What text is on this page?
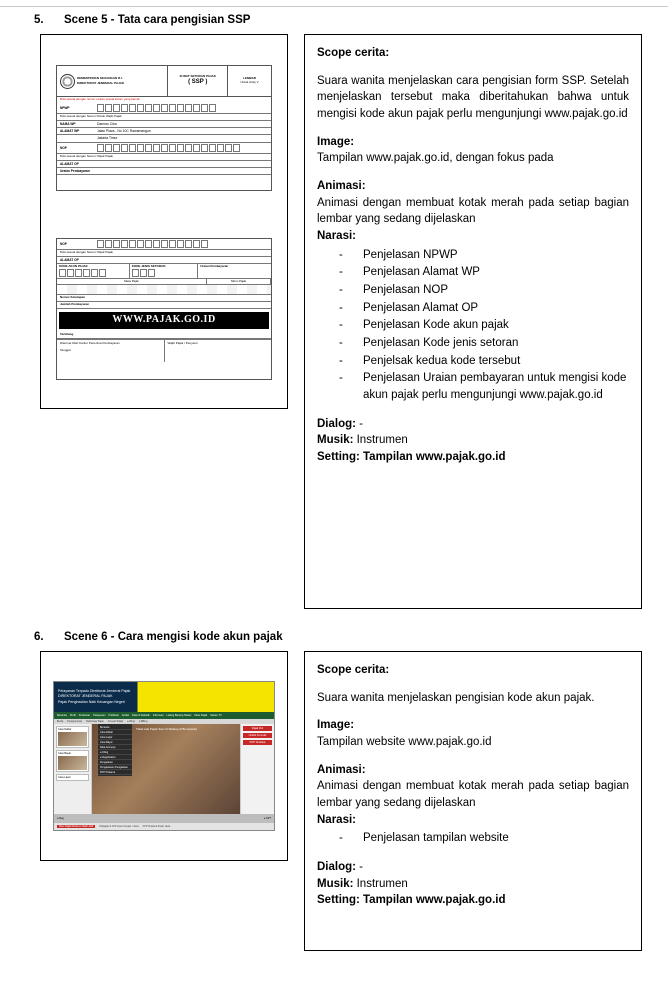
5.	Scene 5 - Tata cara pengisian SSP
KEMENTERIAN KEUANGAN R.I.
DIREKTORAT JENDERAL PAJAK
SURAT SETORAN PAJAK
( SSP )
LEMBAR
Untuk Arsip V
Diisi sesuai dengan nomor urutan sesuai kolom yang benda
NPWP
Diisi sesuai dengan Nomor Pokok Wajib Pajak
NAMA WP	Darmos Cika
ALAMAT WP	Jalan Plaza , No 10C Rawamangun
Jakarta Timur
NOP
Diisi sesuai dengan Nomor Objek Pajak
ALAMAT OP
Uraian Pembayaran
NOP
Diisi sesuai dengan Nomor Objek Pajak
ALAMAT OP
KODE AKUN PAJAK	KODE JENIS SETORAN	Uraian Pembayaran
Masa Pajak	Tahun Pajak
Nomor Ketetapan
Jumlah Pembayaran
WWW.PAJAK.GO.ID
Terbilang
Diterima Oleh Kantor Penerima Pembayaran

Tanggal
Wajib Pajak / Penyetor

Scope cerita:

Suara wanita menjelaskan cara pengisian form SSP. Setelah menjelaskan tersebut maka diberitahukan bahwa untuk mengisi kode akun pajak perlu mengunjungi www.pajak.go.id

Image:

Tampilan www.pajak.go.id, dengan fokus pada

Animasi:

Animasi dengan membuat kotak merah pada setiap bagian lembar yang sedang dijelaskan

Narasi:

-	Penjelasan NPWP
-	Penjelasan Alamat WP
-	Penjelasan NOP
-	Penjelasan Alamat OP
-	Penjelasan Kode akun pajak
-	Penjelasan Kode jenis setoran
-	Penjelsak kedua kode tersebut
-	Penjelasan Uraian pembayaran untuk mengisi kode akun pajak perlu mengunjungi www.pajak.go.id
Dialog: -
Musik: Instrumen
Setting: Tampilan www.pajak.go.id
6.	Scene 6 - Cara mengisi kode akun pajak
Pelayanan Terpadu Direktorat Jenderal Pajak
DIREKTORAT JENDERAL PAJAK
Pajak Penghasilan Naik Keuangan Negeri
Beranda Profil Peraturan Pelayanan Publikasi Artikel Data & Statistik Informasi Lelang Barang Sitaan Kilas Pajak Siaran TV
Berita Pengumuman Reformasi Pajak Amnesti Pajak e-Filing e-Billing
Cara Daftar
Cara Bayar
Cara Lapor
Beranda
Cara Daftar
Cara Lapor
Cara Bayar
Data Amnesty
e-Filing
e-Registration
Pengaduan
Pengawasan Pengaduan
KPP Pratama
Tidak ada Pajak Saru di Malang di Bumiserda	Pajak Kini
Unduh Formulir
KPP Terdekat
e-Reg	e-SPT
Situs Pajak Modemo Masih Aktif	Klikpajak.id DJP Jawa Tengah I Jawa KPP Pratama Pasar Jawa

Scope cerita:

Suara wanita menjelaskan pengisian kode akun pajak.

Image:

Tampilan website www.pajak.go.id

Animasi:

Animasi dengan membuat kotak merah pada setiap bagian lembar yang sedang dijelaskan

Narasi:

-	Penjelasan tampilan website
Dialog: -
Musik: Instrumen
Setting: Tampilan www.pajak.go.id
